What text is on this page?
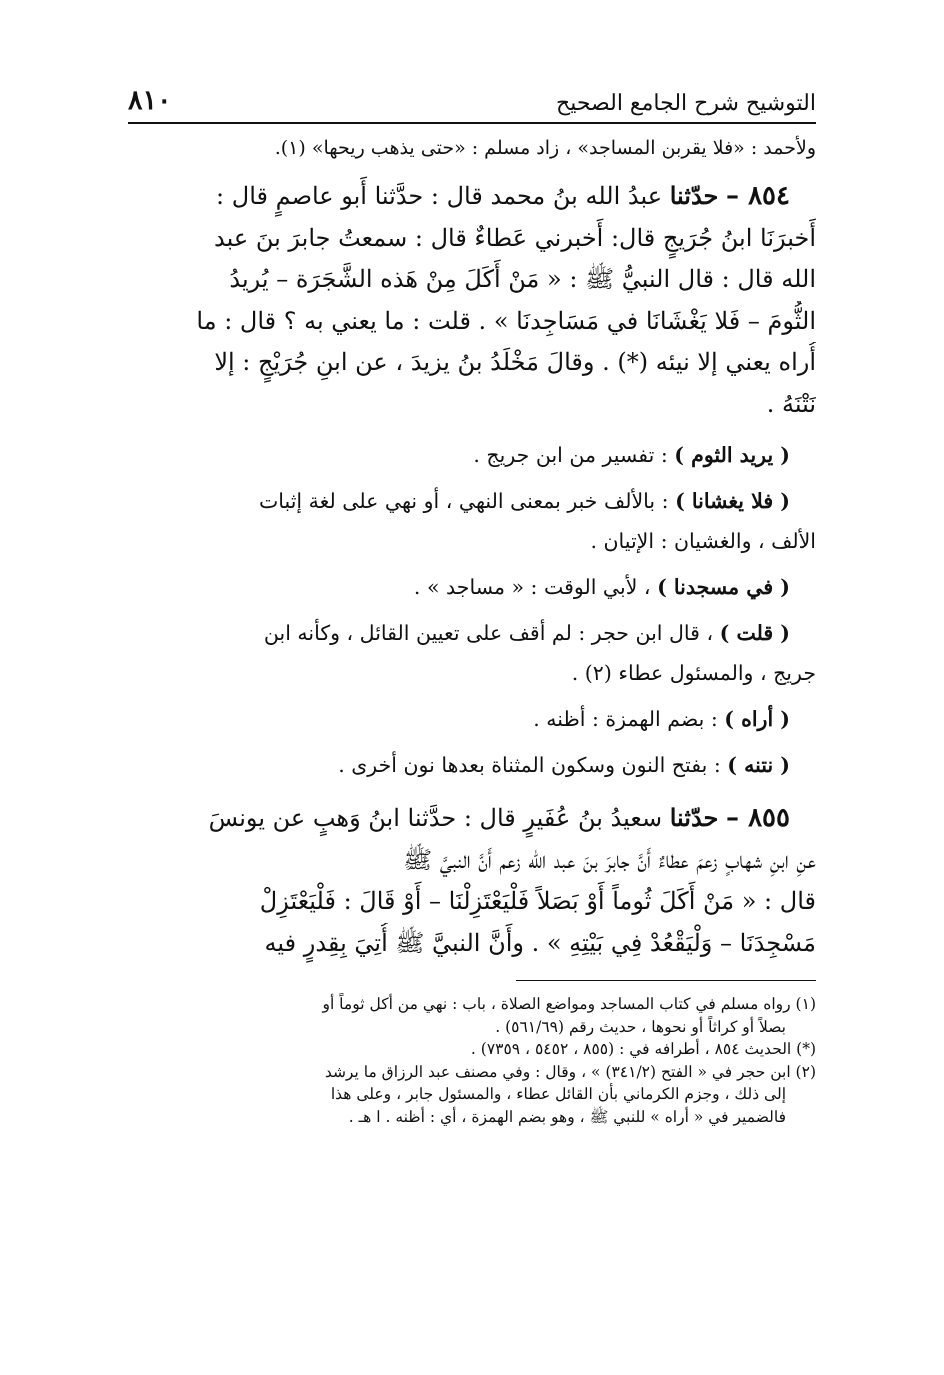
التوشيح شرح الجامع الصحيح
٨١٠
ولأحمد : «فلا يقربن المساجد» ، زاد مسلم : «حتى يذهب ريحها» (١).
٨٥٤ – حدّثنا عبدُ الله بنُ محمد قال : حدَّثنا أَبو عاصمٍ قال :
أَخبرَنَا ابنُ جُرَيجٍ قال: أَخبرني عَطاءٌ قال : سمعتُ جابرَ بنَ عبد
الله قال : قال النبيُّ ﷺ : « مَنْ أَكَلَ مِنْ هَذه الشَّجَرَة – يُريدُ
الثُّومَ – فَلا يَغْشَانَا في مَسَاجِدنَا » . قلت : ما يعني به ؟ قال : ما
أُراه يعني إلا نيئه (*) . وقالَ مَخْلَدُ بنُ يزيدَ ، عن ابنِ جُرَيْجٍ : إلا
نَتْنَهُ .
( يريد الثوم ) : تفسير من ابن جريج .
( فلا يغشانا ) : بالألف خبر بمعنى النهي ، أو نهي على لغة إثبات
الألف ، والغشيان : الإتيان .
( في مسجدنا ) ، لأبي الوقت : « مساجد » .
( قلت ) ، قال ابن حجر : لم أقف على تعيين القائل ، وكأنه ابن
جريج ، والمسئول عطاء (٢) .
( أراه ) : بضم الهمزة : أظنه .
( نتنه ) : بفتح النون وسكون المثناة بعدها نون أخرى .
٨٥٥ – حدّثنا سعيدُ بنُ عُفَيرٍ قال : حدَّثنا ابنُ وَهبٍ عن يونسَ
عنِ ابنِ شهابٍ زعمَ عطاءٌ أَنَّ جابرَ بنَ عبد الله زعم أَنَّ النبيَّ ﷺ
قال : « مَنْ أَكَلَ ثُوماً أَوْ بَصَلاً فَلْيَعْتَزِلْنَا – أَوْ قَالَ : فَلْيَعْتَزِلْ
مَسْجِدَنَا – وَلْيَقْعُدْ فِي بَيْتِهِ » . وأَنَّ النبيَّ ﷺ أُتِيَ بِقِدرٍ فيه
(١) رواه مسلم في كتاب المساجد ومواضع الصلاة ، باب : نهي من أكل ثوماً أو
بصلاً أو كراثاً أو نحوها ، حديث رقم (٥٦١/٦٩) .
(*) الحديث ٨٥٤ ، أطرافه في : (٨٥٥ ، ٥٤٥٢ ، ٧٣٥٩) .
(٢) ابن حجر في « الفتح (٣٤١/٢) » ، وقال : وفي مصنف عبد الرزاق ما يرشد
إلى ذلك ، وجزم الكرماني بأن القائل عطاء ، والمسئول جابر ، وعلى هذا
فالضمير في « أراه » للنبي ﷺ ، وهو بضم الهمزة ، أي : أظنه . ا هـ .
